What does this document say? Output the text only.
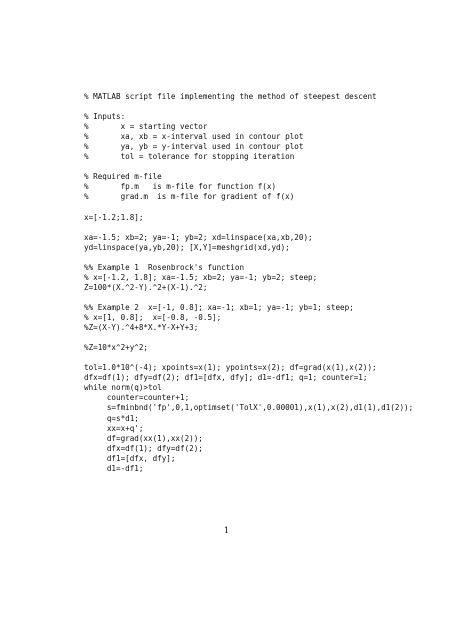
% MATLAB script file implementing the method of steepest descent
% Inputs:
%       x = starting vector
%       xa, xb = x-interval used in contour plot
%       ya, yb = y-interval used in contour plot
%       tol = tolerance for stopping iteration
% Required m-file
%       fp.m   is m-file for function f(x)
%       grad.m  is m-file for gradient of f(x)
x=[-1.2;1.8];
xa=-1.5; xb=2; ya=-1; yb=2; xd=linspace(xa,xb,20);
yd=linspace(ya,yb,20); [X,Y]=meshgrid(xd,yd);
%% Example 1  Rosenbrock's function
% x=[-1.2, 1.8]; xa=-1.5; xb=2; ya=-1; yb=2; steep;
Z=100*(X.^2-Y).^2+(X-1).^2;
%% Example 2  x=[-1, 0.8]; xa=-1; xb=1; ya=-1; yb=1; steep;
% x=[1, 0.8];  x=[-0.8, -0.5];
%Z=(X-Y).^4+8*X.*Y-X+Y+3;
%Z=10*x^2+y^2;
tol=1.0*10^(-4); xpoints=x(1); ypoints=x(2); df=grad(x(1),x(2));
dfx=df(1); dfy=df(2); df1=[dfx, dfy]; d1=-df1; q=1; counter=1;
while norm(q)>tol
counter=counter+1;
s=fminbnd('fp',0,1,optimset('TolX',0.00001),x(1),x(2),d1(1),d1(2));
q=s*d1;
xx=x+q';
df=grad(xx(1),xx(2));
dfx=df(1); dfy=df(2);
df1=[dfx, dfy];
d1=-df1;
1
